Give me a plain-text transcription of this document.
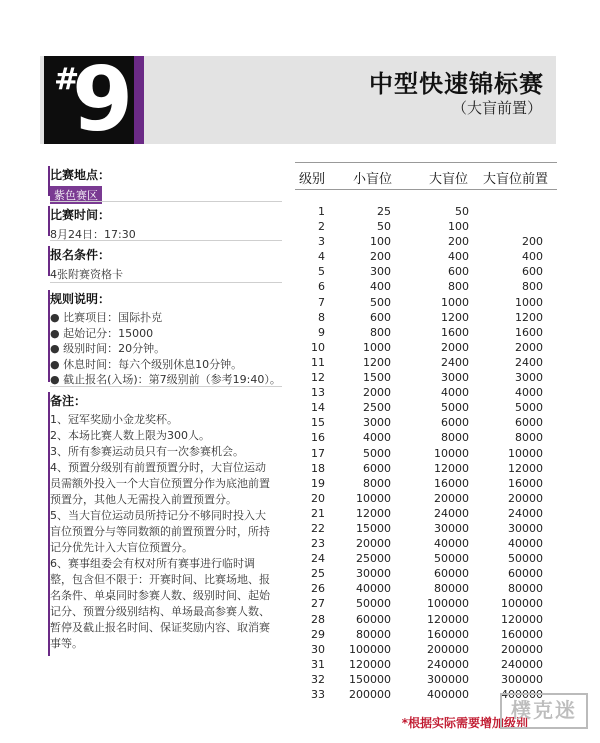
#
9	中型快速锦标赛
（大盲前置）
比赛地点：
紫色赛区
比赛时间：
8月24日：17:30
报名条件：
4张附赛资格卡
规则说明：
● 比赛项目：国际扑克
● 起始记分：15000
● 级别时间：20分钟。
● 休息时间：每六个级别休息10分钟。
● 截止报名(入场)：第7级别前（参考19:40）。
备注：

1、冠军奖励小金龙奖杯。

2、本场比赛人数上限为300人。

3、所有参赛运动员只有一次参赛机会。

4、预置分级别有前置预置分时，大盲位运动

员需额外投入一个大盲位预置分作为底池前置

预置分，其他人无需投入前置预置分。

5、当大盲位运动员所持记分不够同时投入大

盲位预置分与等同数额的前置预置分时，所持

记分优先计入大盲位预置分。

6、赛事组委会有权对所有赛事进行临时调

整，包含但不限于：开赛时间、比赛场地、报

名条件、单桌同时参赛人数、级别时间、起始

记分、预置分级别结构、单场最高参赛人数、

暂停及截止报名时间、保证奖励内容、取消赛

事等。

级别 小盲位	大盲位 大盲位前置
1	25	50
2	50	100
3	100	200	200
4	200	400	400
5	300	600	600
6	400	800	800
7	500	1000	1000
8	600	1200	1200
9	800	1600	1600
10	1000	2000	2000
11	1200	2400	2400
12	1500	3000	3000
13	2000	4000	4000
14	2500	5000	5000
15	3000	6000	6000
16	4000	8000	8000
17	5000	10000	10000
18	6000	12000	12000
19	8000	16000	16000
20	10000	20000	20000
21	12000	24000	24000
22	15000	30000	30000
23	20000	40000	40000
24	25000	50000	50000
25	30000	60000	60000
26	40000	80000	80000
27	50000	100000	100000
28	60000	120000	120000
29	80000	160000	160000
30	100000	200000	200000
31	120000	240000	240000
32	150000	300000	300000
33	200000	400000	400000
*根据实际需要增加级别
樸克迷
